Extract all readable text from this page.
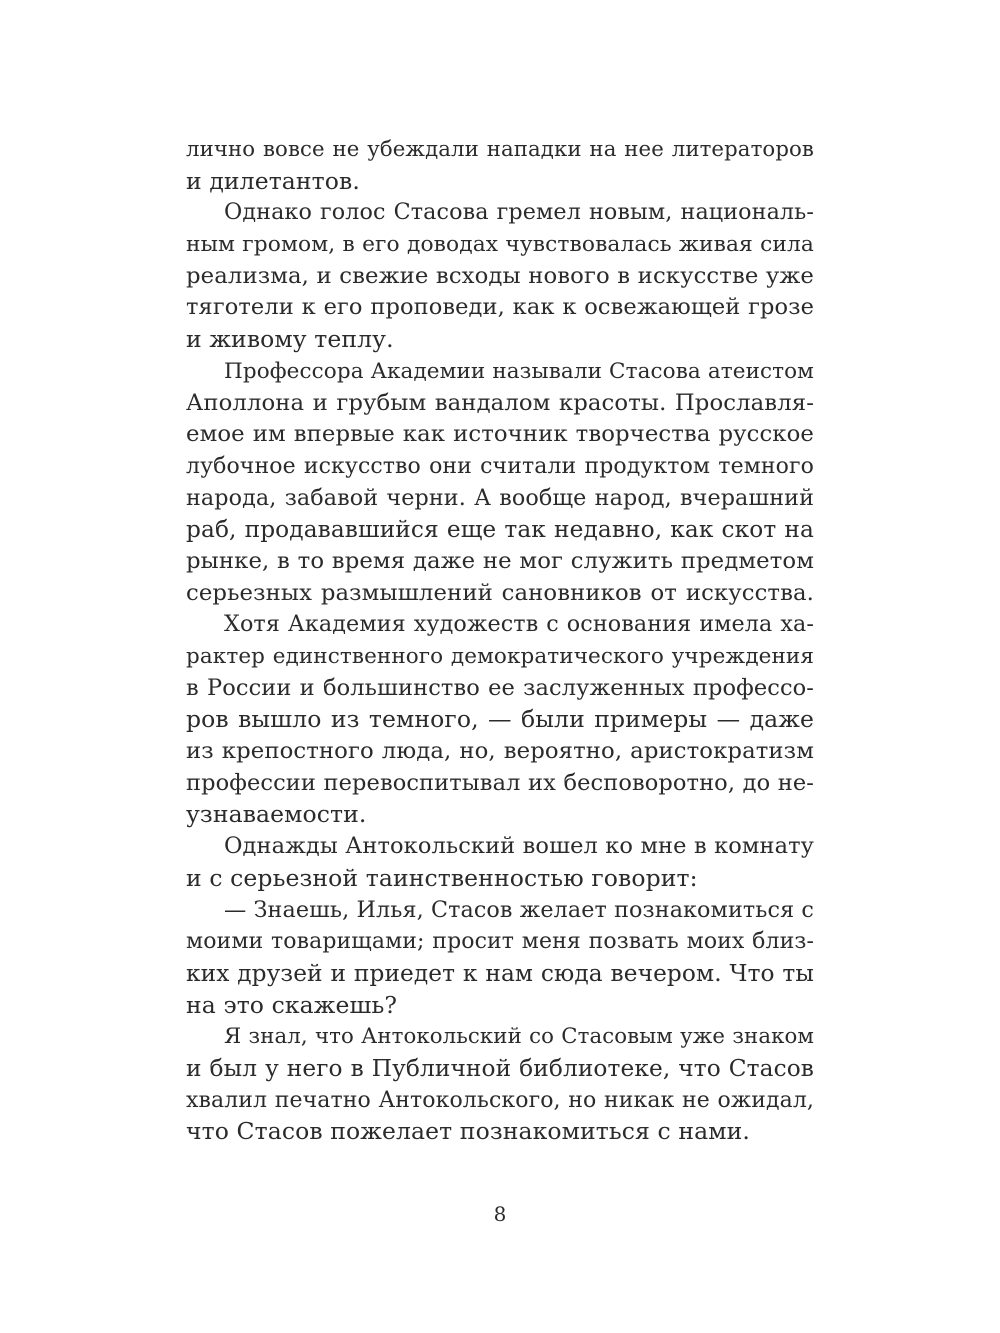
лично вовсе не убеждали нападки на нее литераторов
и дилетантов.
Однако голос Стасова гремел новым, националь-
ным громом, в его доводах чувствовалась живая сила
реализма, и свежие всходы нового в искусстве уже
тяготели к его проповеди, как к освежающей грозе
и живому теплу.
Профессора Академии называли Стасова атеистом
Аполлона и грубым вандалом красоты. Прославля-
емое им впервые как источник творчества русское
лубочное искусство они считали продуктом темного
народа, забавой черни. А вообще народ, вчерашний
раб, продававшийся еще так недавно, как скот на
рынке, в то время даже не мог служить предметом
серьезных размышлений сановников от искусства.
Хотя Академия художеств с основания имела ха-
рактер единственного демократического учреждения
в России и большинство ее заслуженных профессо-
ров вышло из темного, — были примеры — даже
из крепостного люда, но, вероятно, аристократизм
профессии перевоспитывал их бесповоротно, до не-
узнаваемости.
Однажды Антокольский вошел ко мне в комнату
и с серьезной таинственностью говорит:
— Знаешь, Илья, Стасов желает познакомиться с
моими товарищами; просит меня позвать моих близ-
ких друзей и приедет к нам сюда вечером. Что ты
на это скажешь?
Я знал, что Антокольский со Стасовым уже знаком
и был у него в Публичной библиотеке, что Стасов
хвалил печатно Антокольского, но никак не ожидал,
что Стасов пожелает познакомиться с нами.
8
